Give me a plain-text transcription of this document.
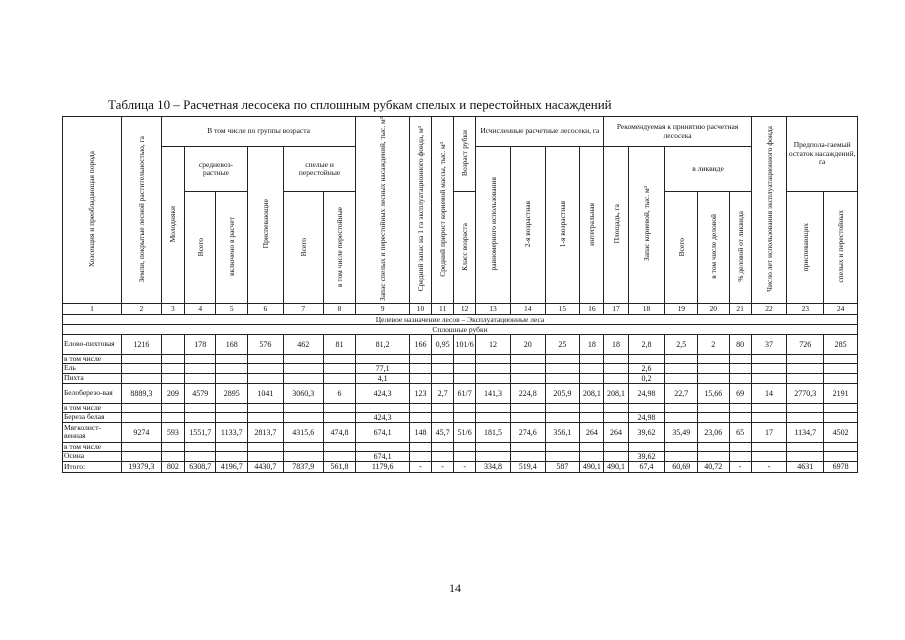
Таблица 10 – Расчетная лесосека по сплошным рубкам спелых и перестойных насаждений
Хозсекция и преобладающая порода	Земли, покрытые лесной растительностью, га	В том числе по группы возраста						Запас спелых и перестойных лесных насаждений, тыс. м³	Средний запас на 1 га эксплуатационного фонда, м³	Средний прирост корневой массы, тыс. м³	Возраст рубки	Исчисленные расчетные лесосеки, га				Рекомендуемая к принятию расчетная лесосека					Число лет использования эксплуатационного фонда	Предпола-гаемый остаток насаждений, га	
		Молодняки	средневоз-растные		Приспевающие	спелые и перестойные						равномерного использования	2-я возрастная	1-я возрастная	интегральная	Площадь, га	Запас корневой, тыс. м³	в ликвиде					
			Всего	включено в расчет		Всего	в том числе перестойные				Класс возраста							Всего	в том числе деловой	% деловой от ликвида		приспевающих	спелых и перестойных

1	2	3	4	5	6	7	8	9	10	11	12	13	14	15	16	17	18	19	20	21	22	23	24
Целевое назначение лесов – Эксплуатационные леса																							
Сплошные рубки																							
Елово-пихтовая	1216		178	168	576	462	81	81,2	166	0,95	101/6	12	20	25	18	18	2,8	2,5	2	80	37	726	285
в том числе																							
Ель								77,1									2,6						
Пихта								4,1									0,2						
Белоберезо-вая	8889,3	209	4579	2895	1041	3060,3	6	424,3	123	2,7	61/7	141,3	224,8	205,9	208,1	208,1	24,98	22,7	15,66	69	14	2770,3	2191
в том числе																							
Береза белая								424,3									24,98						
Мягколист-венная	9274	593	1551,7	1133,7	2813,7	4315,6	474,8	674,1	148	45,7	51/6	181,5	274,6	356,1	264	264	39,62	35,49	23,06	65	17	1134,7	4502
в том числе																							
Осина								674,1									39,62						
Итого:	19379,3	802	6308,7	4196,7	4430,7	7837,9	561,8	1179,6	-	-	-	334,8	519,4	587	490,1	490,1	67,4	60,69	40,72	-	-	4631	6978
14
